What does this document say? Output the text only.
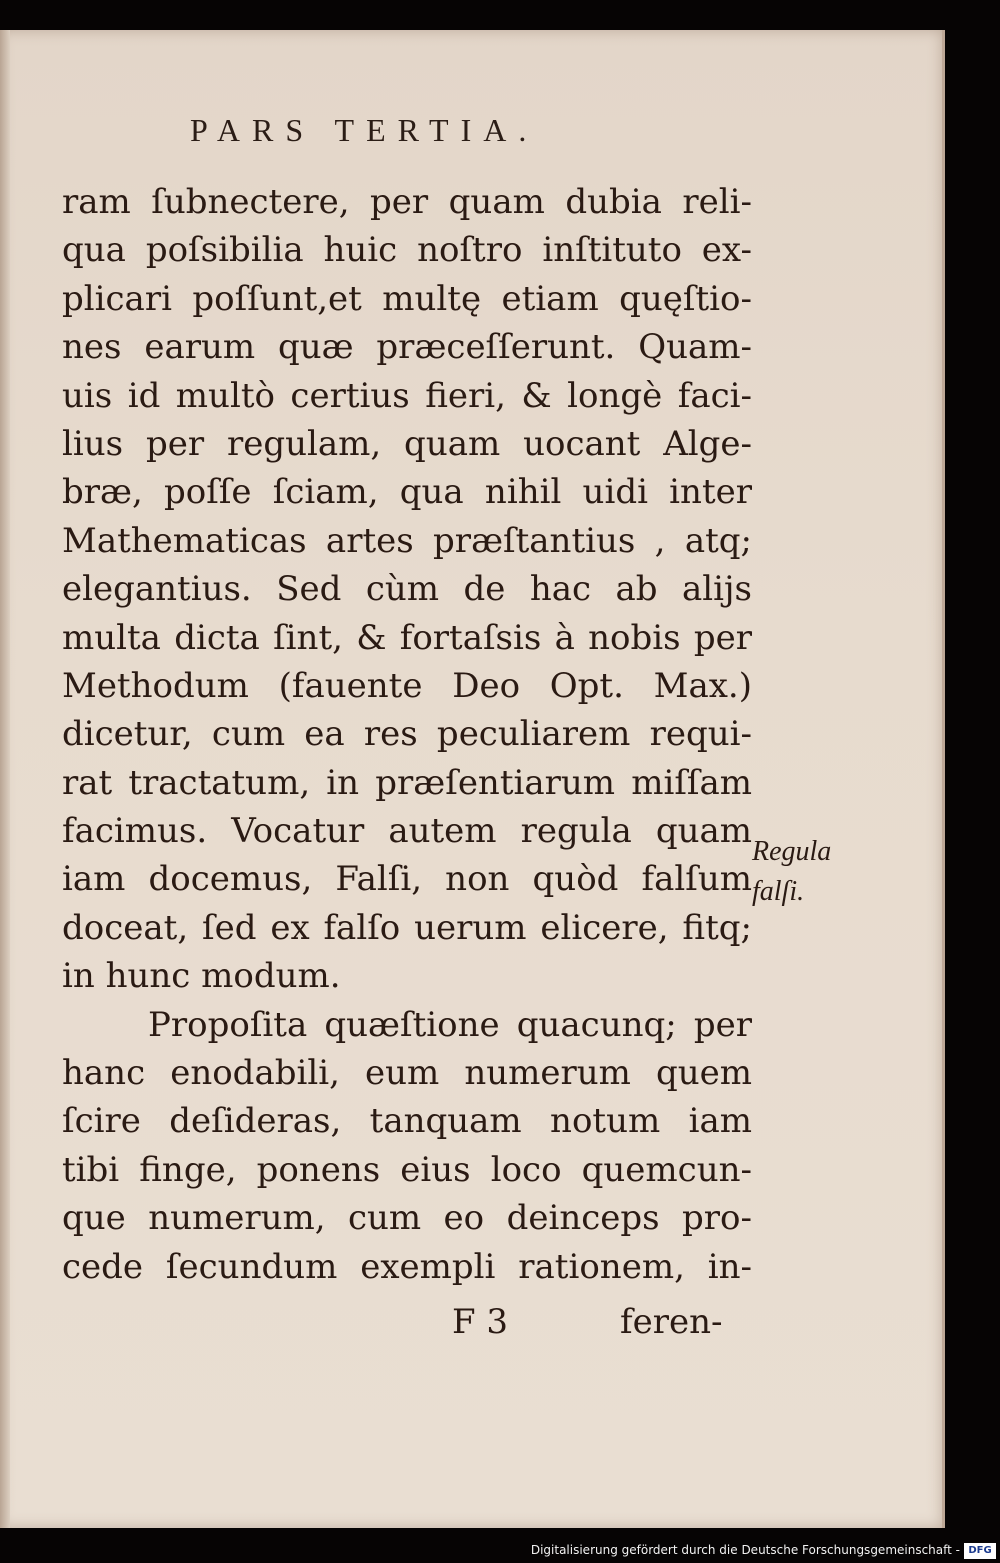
PARS TERTIA.
ram ſubnectere, per quam dubia reli-
qua poſsibilia huic noſtro inſtituto ex-
plicari poſſunt,et multę etiam quęſtio-
nes earum quæ præceſſerunt. Quam-
uis id multò certius fieri, & longè faci-
lius per regulam, quam uocant Alge-
bræ, poſſe ſciam, qua nihil uidi inter
Mathematicas artes præſtantius , atq;
elegantius. Sed cùm de hac ab alijs
multa dicta ſint, & fortaſsis à nobis per
Methodum (fauente Deo Opt. Max.)
dicetur, cum ea res peculiarem requi-
rat tractatum, in præſentiarum miſſam
facimus. Vocatur autem regula quam
iam docemus, Falſi, non quòd falſum
doceat, ſed ex falſo uerum elicere, fitq;
in hunc modum.
Propoſita quæſtione quacunq; per
hanc enodabili, eum numerum quem
ſcire deſideras, tanquam notum iam
tibi finge, ponens eius loco quemcun-
que numerum, cum eo deinceps pro-
cede ſecundum exempli rationem, in-
Regula
falſi.
F 3	feren-
Digitalisierung gefördert durch die Deutsche Forschungsgemeinschaft - DFG
